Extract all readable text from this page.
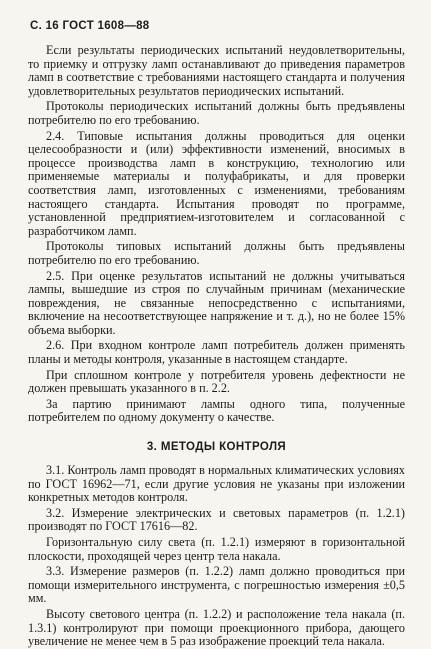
С. 16 ГОСТ 1608—88

Если результаты периодических испытаний неудовлетворительны, то приемку и отгрузку ламп останавливают до приведения параметров ламп в соответствие с требованиями настоящего стандарта и получения удовлетворительных результатов периодических испытаний.

Протоколы периодических испытаний должны быть предъявлены потребителю по его требованию.

2.4. Типовые испытания должны проводиться для оценки целесообразности и (или) эффективности изменений, вносимых в процессе производства ламп в конструкцию, технологию или применяемые материалы и полуфабрикаты, и для проверки соответствия ламп, изготовленных с изменениями, требованиям настоящего стандарта. Испытания проводят по программе, установленной предприятием-изготовителем и согласованной с разработчиком ламп.

Протоколы типовых испытаний должны быть предъявлены потребителю по его требованию.

2.5. При оценке результатов испытаний не должны учитываться лампы, вышедшие из строя по случайным причинам (механические повреждения, не связанные непосредственно с испытаниями, включение на несоответствующее напряжение и т. д.), но не более 15% объема выборки.

2.6. При входном контроле ламп потребитель должен применять планы и методы контроля, указанные в настоящем стандарте.

При сплошном контроле у потребителя уровень дефектности не должен превышать указанного в п. 2.2.

За партию принимают лампы одного типа, полученные потребителем по одному документу о качестве.

3. МЕТОДЫ КОНТРОЛЯ

3.1. Контроль ламп проводят в нормальных климатических условиях по ГОСТ 16962—71, если другие условия не указаны при изложении конкретных методов контроля.

3.2. Измерение электрических и световых параметров (п. 1.2.1) производят по ГОСТ 17616—82.

Горизонтальную силу света (п. 1.2.1) измеряют в горизонтальной плоскости, проходящей через центр тела накала.

3.3. Измерение размеров (п. 1.2.2) ламп должно проводиться при помощи измерительного инструмента, с погрешностью измерения ±0,5 мм.

Высоту светового центра (п. 1.2.2) и расположение тела накала (п. 1.3.1) контролируют при помощи проекционного прибора, дающего увеличение не менее чем в 5 раз изображение проекций тела накала.
